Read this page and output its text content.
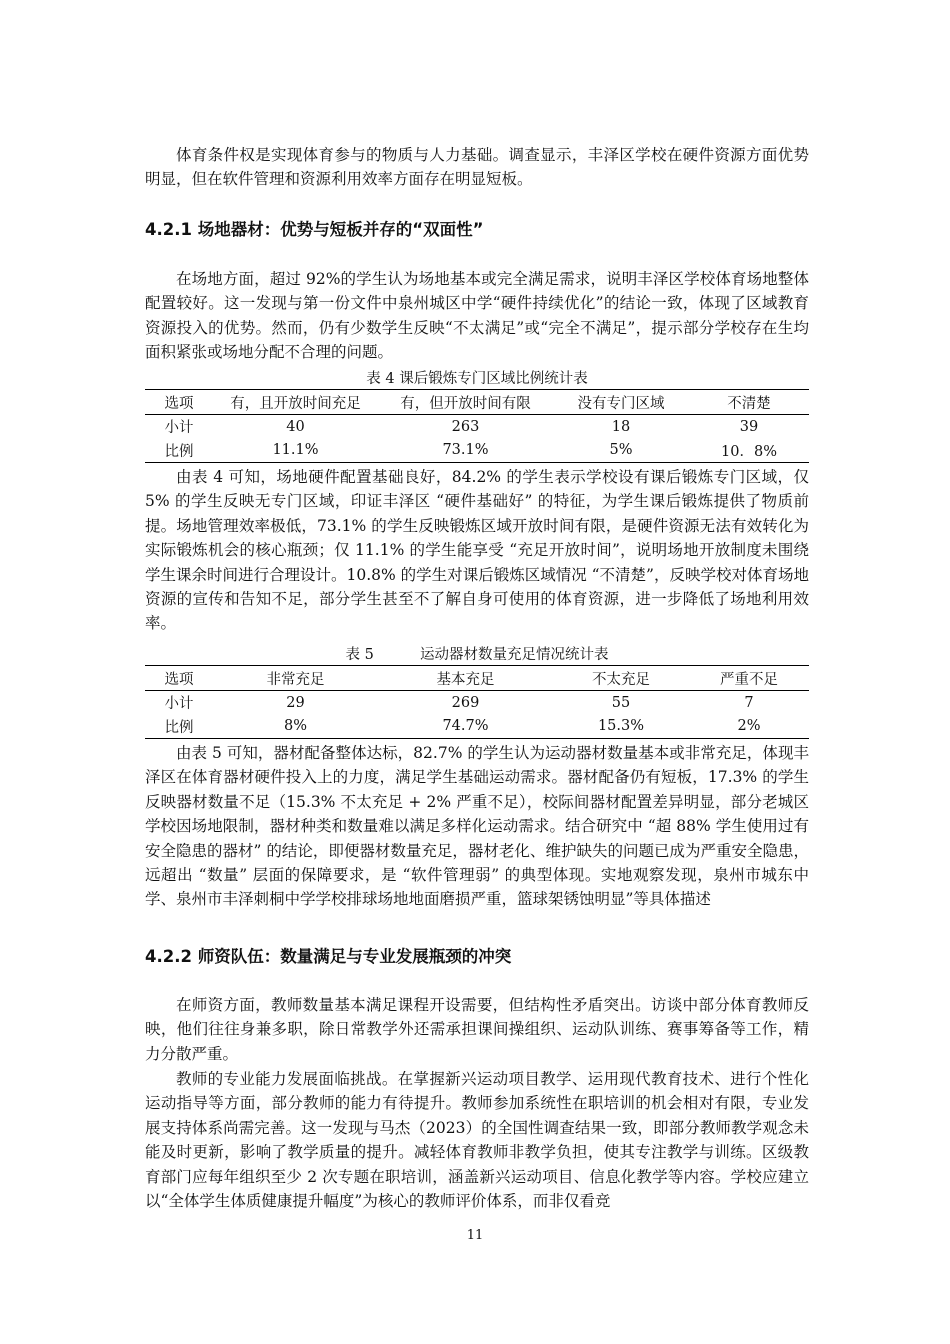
体育条件权是实现体育参与的物质与人力基础。调查显示，丰泽区学校在硬件资源方面优势明显，但在软件管理和资源利用效率方面存在明显短板。

4.2.1 场地器材：优势与短板并存的“双面性”

在场地方面，超过 92%的学生认为场地基本或完全满足需求，说明丰泽区学校体育场地整体配置较好。这一发现与第一份文件中泉州城区中学“硬件持续优化”的结论一致，体现了区域教育资源投入的优势。然而，仍有少数学生反映“不太满足”或“完全不满足”，提示部分学校存在生均面积紧张或场地分配不合理的问题。

表 4 课后锻炼专门区域比例统计表

选项	有，且开放时间充足	有，但开放时间有限	没有专门区域	不清楚
小计	40	263	18	39
比例	11.1%	73.1%	5%	10．8%

由表 4 可知，场地硬件配置基础良好，84.2% 的学生表示学校设有课后锻炼专门区域，仅 5% 的学生反映无专门区域，印证丰泽区 “硬件基础好” 的特征，为学生课后锻炼提供了物质前提。场地管理效率极低，73.1% 的学生反映锻炼区域开放时间有限，是硬件资源无法有效转化为实际锻炼机会的核心瓶颈；仅 11.1% 的学生能享受 “充足开放时间”，说明场地开放制度未围绕学生课余时间进行合理设计。10.8% 的学生对课后锻炼区域情况 “不清楚”，反映学校对体育场地资源的宣传和告知不足，部分学生甚至不了解自身可使用的体育资源，进一步降低了场地利用效率。

表 5          运动器材数量充足情况统计表

选项	非常充足	基本充足	不太充足	严重不足
小计	29	269	55	7
比例	8%	74.7%	15.3%	2%

由表 5 可知，器材配备整体达标，82.7% 的学生认为运动器材数量基本或非常充足，体现丰泽区在体育器材硬件投入上的力度，满足学生基础运动需求。器材配备仍有短板，17.3% 的学生反映器材数量不足（15.3% 不太充足 + 2% 严重不足），校际间器材配置差异明显，部分老城区学校因场地限制，器材种类和数量难以满足多样化运动需求。结合研究中 “超 88% 学生使用过有安全隐患的器材” 的结论，即便器材数量充足，器材老化、维护缺失的问题已成为严重安全隐患，远超出 “数量” 层面的保障要求，是 “软件管理弱” 的典型体现。实地观察发现，泉州市城东中学、泉州市丰泽刺桐中学学校排球场地地面磨损严重，篮球架锈蚀明显”等具体描述

4.2.2 师资队伍：数量满足与专业发展瓶颈的冲突

在师资方面，教师数量基本满足课程开设需要，但结构性矛盾突出。访谈中部分体育教师反映，他们往往身兼多职，除日常教学外还需承担课间操组织、运动队训练、赛事筹备等工作，精力分散严重。

教师的专业能力发展面临挑战。在掌握新兴运动项目教学、运用现代教育技术、进行个性化运动指导等方面，部分教师的能力有待提升。教师参加系统性在职培训的机会相对有限，专业发展支持体系尚需完善。这一发现与马杰（2023）的全国性调查结果一致，即部分教师教学观念未能及时更新，影响了教学质量的提升。减轻体育教师非教学负担，使其专注教学与训练。区级教育部门应每年组织至少 2 次专题在职培训，涵盖新兴运动项目、信息化教学等内容。学校应建立以“全体学生体质健康提升幅度”为核心的教师评价体系，而非仅看竞

11
